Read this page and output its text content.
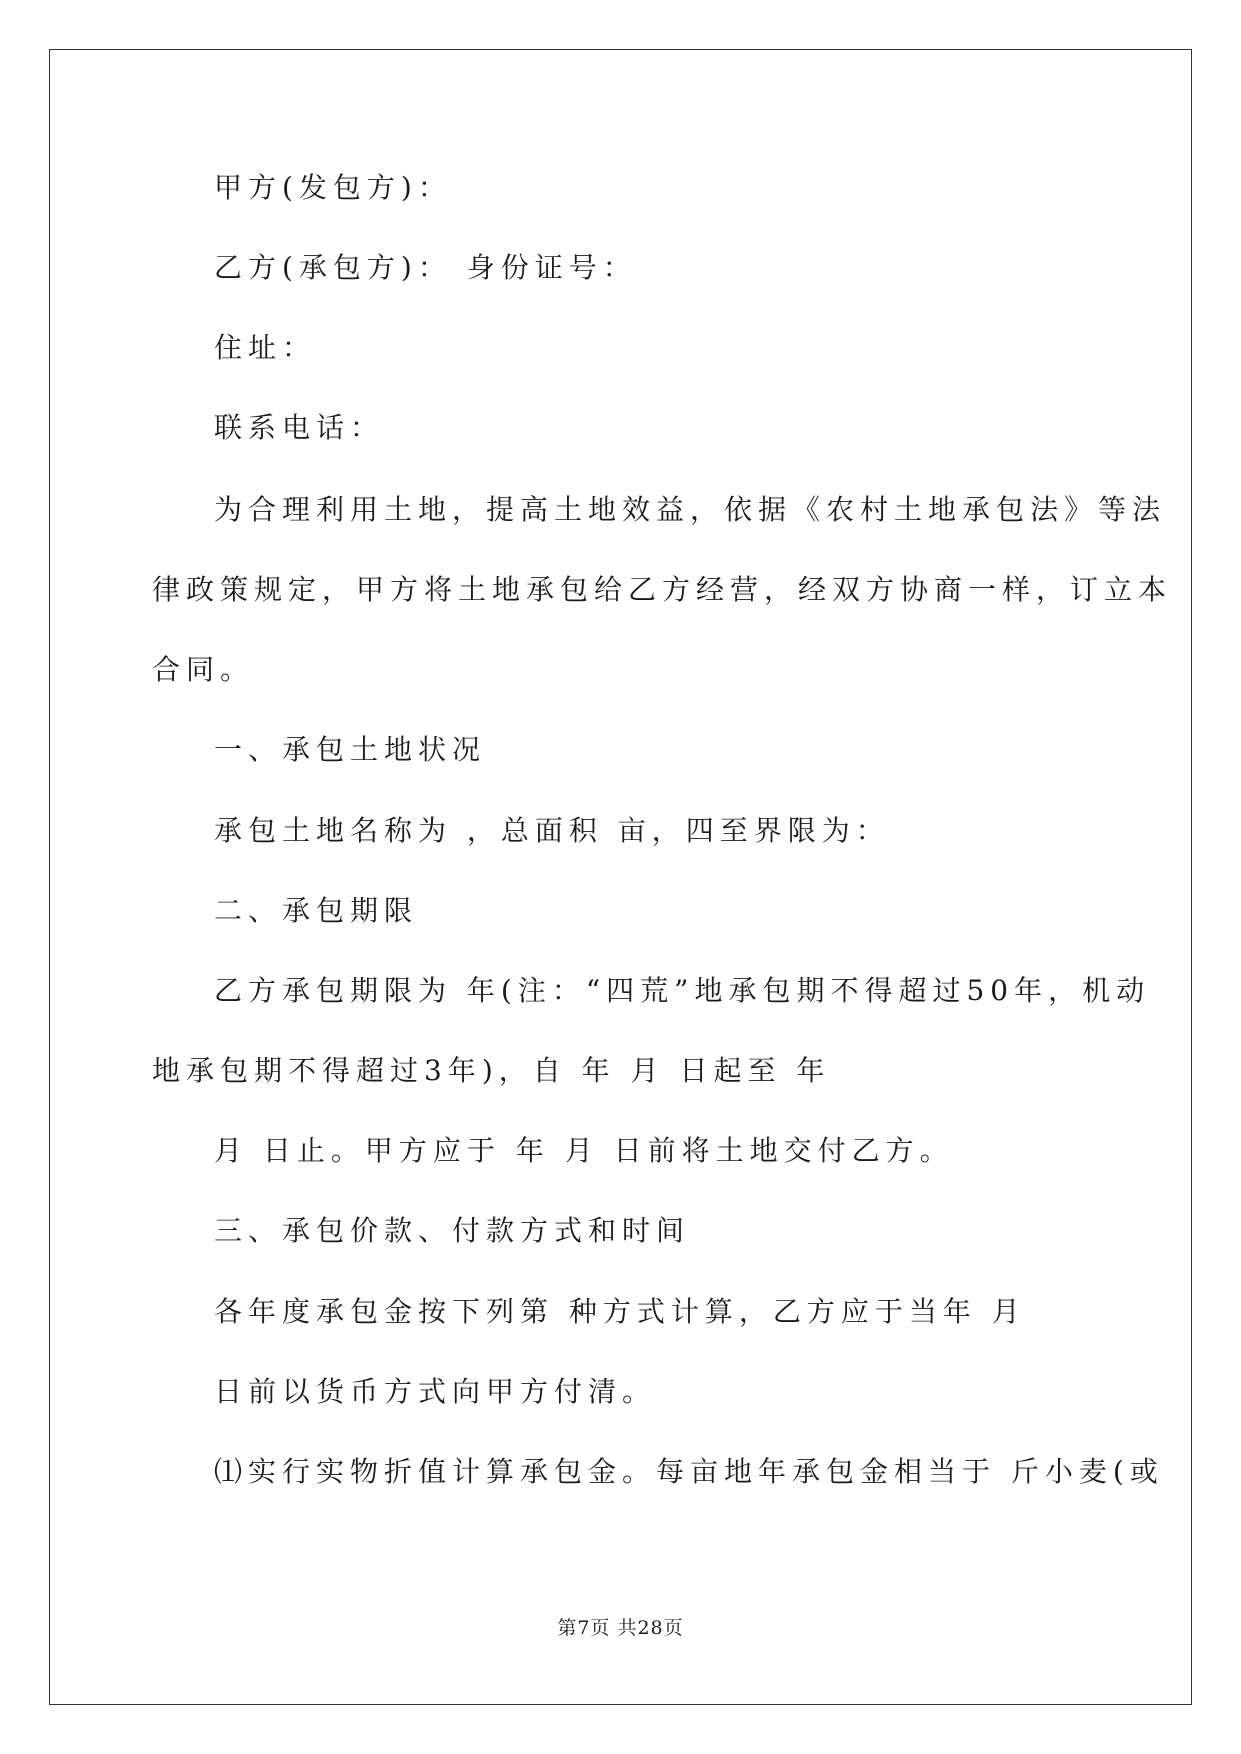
甲方(发包方)：
乙方(承包方)： 身份证号：
住址：
联系电话：
为合理利用土地，提高土地效益，依据《农村土地承包法》等法
律政策规定，甲方将土地承包给乙方经营，经双方协商一样，订立本
合同。
一、承包土地状况
承包土地名称为 ，总面积 亩，四至界限为：
二、承包期限
乙方承包期限为 年(注：“四荒”地承包期不得超过50年，机动
地承包期不得超过3年)，自 年 月 日起至 年
月 日止。甲方应于 年 月 日前将土地交付乙方。
三、承包价款、付款方式和时间
各年度承包金按下列第 种方式计算，乙方应于当年 月
日前以货币方式向甲方付清。
⑴实行实物折值计算承包金。每亩地年承包金相当于 斤小麦(或
第7页 共28页
